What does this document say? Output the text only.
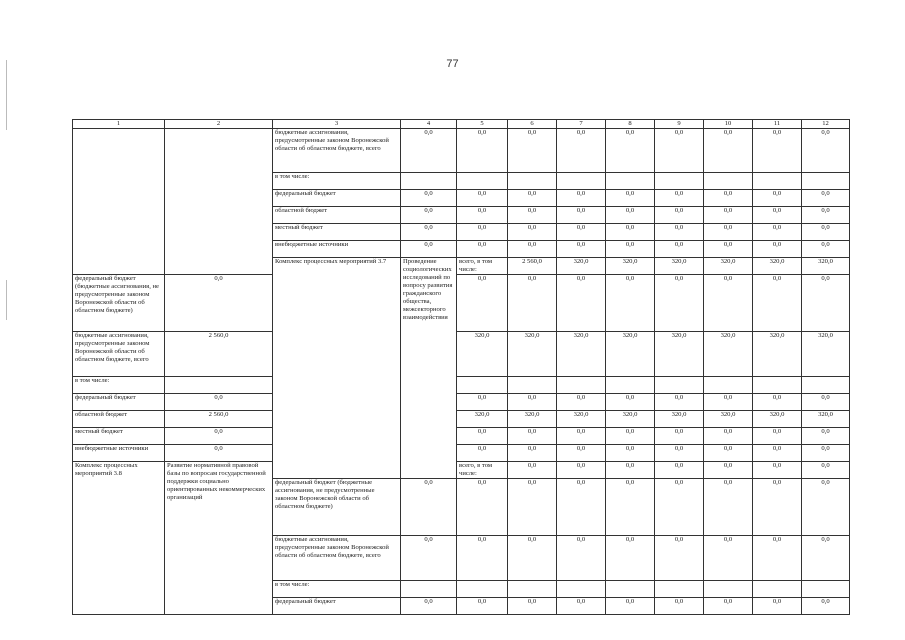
77
1	2	3	4	5	6	7	8	9	10	11	12	
		бюджетные ассигнования, предусмотренные законом Воронежской области об областном бюджете, всего	0,0	0,0	0,0	0,0	0,0	0,0	0,0	0,0	0,0	
		в том числе:										
		федеральный бюджет	0,0	0,0	0,0	0,0	0,0	0,0	0,0	0,0	0,0	
		областной бюджет	0,0	0,0	0,0	0,0	0,0	0,0	0,0	0,0	0,0	
		местный бюджет	0,0	0,0	0,0	0,0	0,0	0,0	0,0	0,0	0,0	
		внебюджетные источники	0,0	0,0	0,0	0,0	0,0	0,0	0,0	0,0	0,0	
		Комплекс процессных мероприятий 3.7	Проведение социологических исследований по вопросу развития гражданского общества, межсекторного взаимодействия	всего, в том числе:	2 560,0	320,0	320,0	320,0	320,0	320,0	320,0		
федеральный бюджет (бюджетные ассигнования, не предусмотренные законом Воронежской области об областном бюджете)	0,0			0,0	0,0	0,0	0,0	0,0	0,0	0,0	0,0	
бюджетные ассигнования, предусмотренные законом Воронежской области об областном бюджете, всего	2 560,0			320,0	320,0	320,0	320,0	320,0	320,0	320,0	320,0	
в том числе:												
федеральный бюджет	0,0			0,0	0,0	0,0	0,0	0,0	0,0	0,0	0,0	
областной бюджет	2 560,0			320,0	320,0	320,0	320,0	320,0	320,0	320,0	320,0	
местный бюджет	0,0			0,0	0,0	0,0	0,0	0,0	0,0	0,0	0,0	
внебюджетные источники	0,0			0,0	0,0	0,0	0,0	0,0	0,0	0,0	0,0	
Комплекс процессных мероприятий 3.8	Развитие нормативной правовой базы по вопросам государственной поддержки социально ориентированных некоммерческих организаций			всего, в том числе:	0,0	0,0	0,0	0,0	0,0	0,0	0,0		
		федеральный бюджет (бюджетные ассигнования, не предусмотренные законом Воронежской области об областном бюджете)	0,0	0,0	0,0	0,0	0,0	0,0	0,0	0,0	0,0	
		бюджетные ассигнования, предусмотренные законом Воронежской области об областном бюджете, всего	0,0	0,0	0,0	0,0	0,0	0,0	0,0	0,0	0,0	
		в том числе:										
		федеральный бюджет	0,0	0,0	0,0	0,0	0,0	0,0	0,0	0,0	0,0	
